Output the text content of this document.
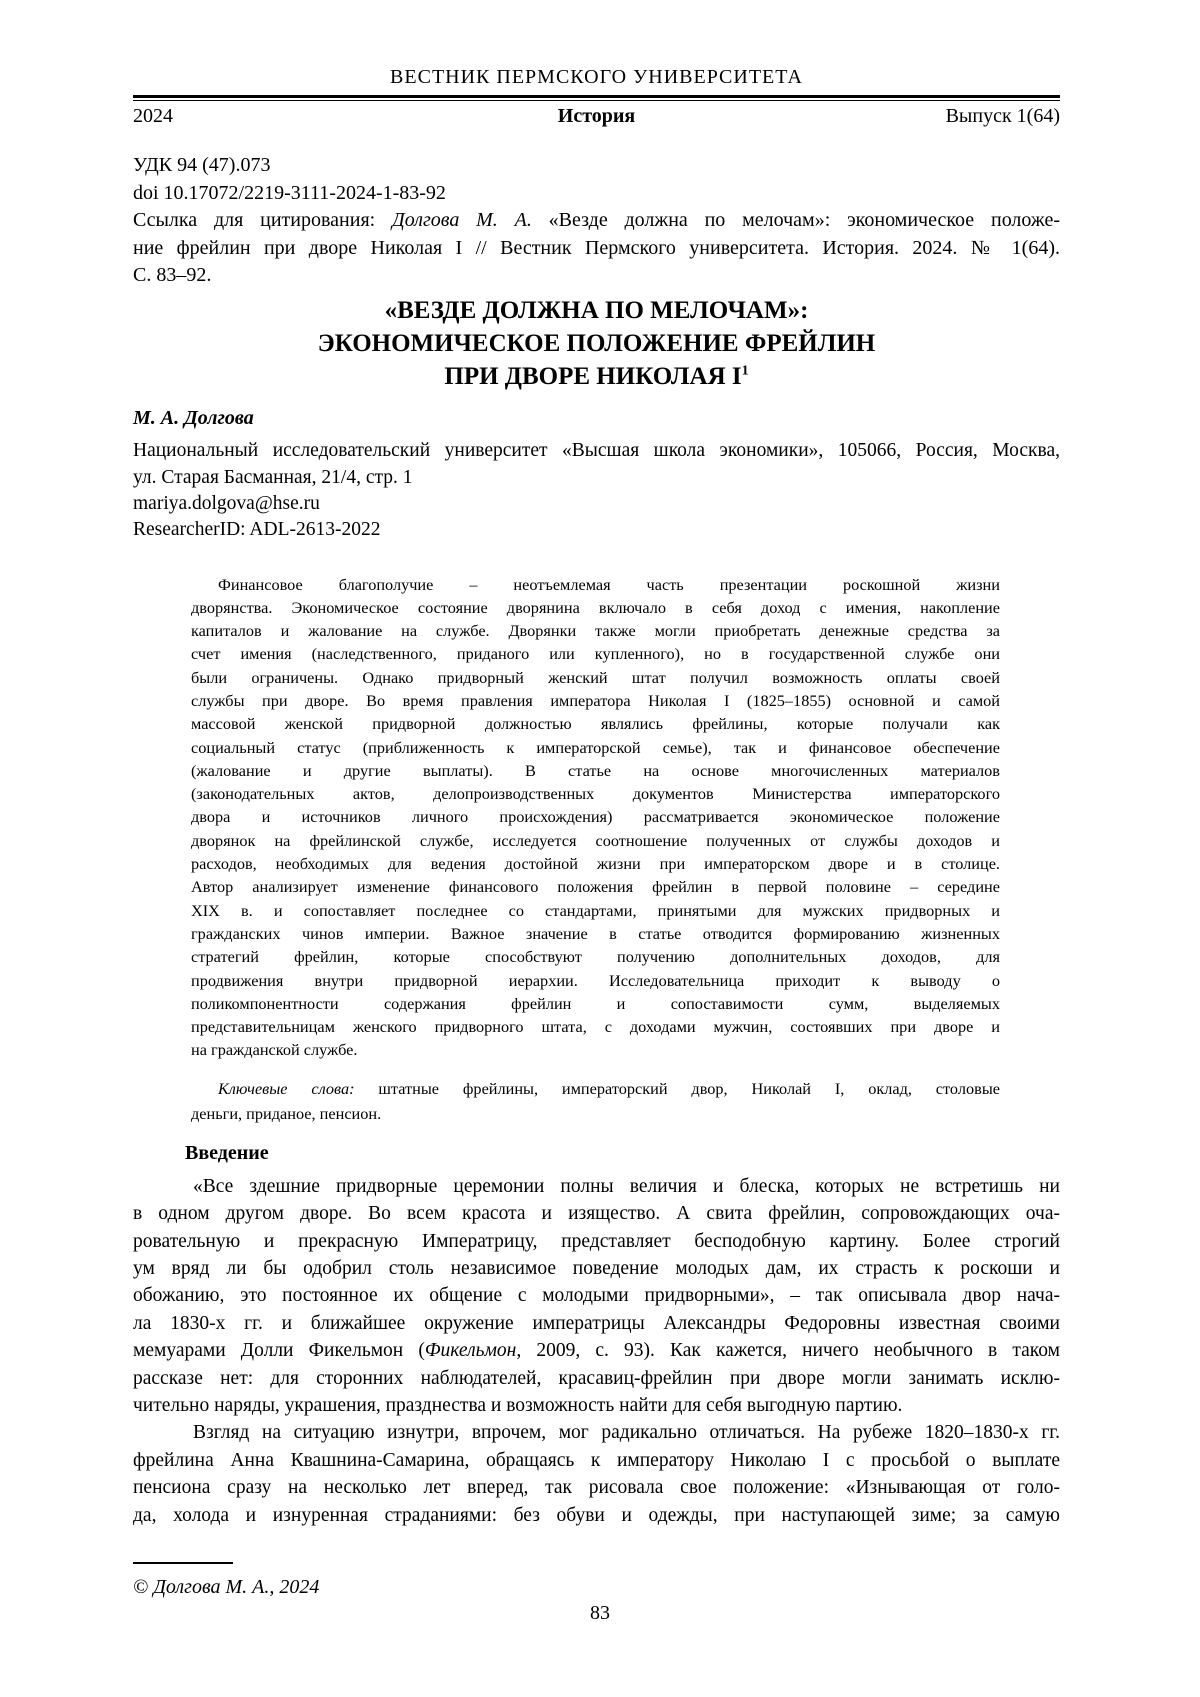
ВЕСТНИК ПЕРМСКОГО УНИВЕРСИТЕТА
2024	История	Выпуск 1(64)
УДК 94 (47).073
doi 10.17072/2219-3111-2024-1-83-92
Ссылка для цитирования: Долгова М. А. «Везде должна по мелочам»: экономическое положе-
ние фрейлин при дворе Николая I // Вестник Пермского университета. История. 2024. № 1(64).
С. 83–92.
«ВЕЗДЕ ДОЛЖНА ПО МЕЛОЧАМ»:
ЭКОНОМИЧЕСКОЕ ПОЛОЖЕНИЕ ФРЕЙЛИН
ПРИ ДВОРЕ НИКОЛАЯ I$^1$
М. А. Долгова
Национальный исследовательский университет «Высшая школа экономики», 105066, Россия, Москва,
ул. Старая Басманная, 21/4, стр. 1
mariya.dolgova@hse.ru
ResearcherID: ADL-2613-2022
Финансовое благополучие – неотъемлемая часть презентации роскошной жизни
дворянства. Экономическое состояние дворянина включало в себя доход с имения, накопление
капиталов и жалование на службе. Дворянки также могли приобретать денежные средства за
счет имения (наследственного, приданого или купленного), но в государственной службе они
были ограничены. Однако придворный женский штат получил возможность оплаты своей
службы при дворе. Во время правления императора Николая I (1825–1855) основной и самой
массовой женской придворной должностью являлись фрейлины, которые получали как
социальный статус (приближенность к императорской семье), так и финансовое обеспечение
(жалование и другие выплаты). В статье на основе многочисленных материалов
(законодательных актов, делопроизводственных документов Министерства императорского
двора и источников личного происхождения) рассматривается экономическое положение
дворянок на фрейлинской службе, исследуется соотношение полученных от службы доходов и
расходов, необходимых для ведения достойной жизни при императорском дворе и в столице.
Автор анализирует изменение финансового положения фрейлин в первой половине – середине
XIX в. и сопоставляет последнее со стандартами, принятыми для мужских придворных и
гражданских чинов империи. Важное значение в статье отводится формированию жизненных
стратегий фрейлин, которые способствуют получению дополнительных доходов, для
продвижения внутри придворной иерархии. Исследовательница приходит к выводу о
поликомпонентности содержания фрейлин и сопоставимости сумм, выделяемых
представительницам женского придворного штата, с доходами мужчин, состоявших при дворе и
на гражданской службе.
Ключевые слова: штатные фрейлины, императорский двор, Николай I, оклад, столовые
деньги, приданое, пенсион.
Введение
«Все здешние придворные церемонии полны величия и блеска, которых не встретишь ни
в одном другом дворе. Во всем красота и изящество. А свита фрейлин, сопровождающих оча-
ровательную и прекрасную Императрицу, представляет бесподобную картину. Более строгий
ум вряд ли бы одобрил столь независимое поведение молодых дам, их страсть к роскоши и
обожанию, это постоянное их общение с молодыми придворными», – так описывала двор нача-
ла 1830-х гг. и ближайшее окружение императрицы Александры Федоровны известная своими
мемуарами Долли Фикельмон (Фикельмон, 2009, с. 93). Как кажется, ничего необычного в таком
рассказе нет: для сторонних наблюдателей, красавиц-фрейлин при дворе могли занимать исклю-
чительно наряды, украшения, празднества и возможность найти для себя выгодную партию.
Взгляд на ситуацию изнутри, впрочем, мог радикально отличаться. На рубеже 1820–1830-х гг.
фрейлина Анна Квашнина-Самарина, обращаясь к императору Николаю I с просьбой о выплате
пенсиона сразу на несколько лет вперед, так рисовала свое положение: «Изнывающая от голо-
да, холода и изнуренная страданиями: без обуви и одежды, при наступающей зиме; за самую
© Долгова М. А., 2024
83
